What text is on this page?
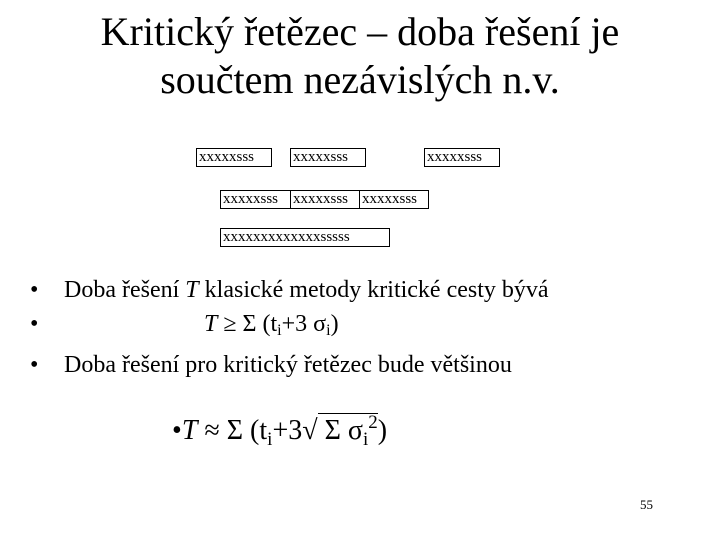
Kritický řetězec – doba řešení je
součtem nezávislých n.v.
xxxxxsss	xxxxxsss	xxxxxsss
xxxxxsss xxxxxsss xxxxxsss
xxxxxxxxxxxxxsssss
•	Doba řešení T klasické metody kritické cesty bývá
•	T ≥ Σ ($t_i+3$ $\sigma_i$)
•	Doba řešení pro kritický řetězec bude většinou
•T ≈ Σ ($t_i+3√$ Σ $\sigma_i^2$)
55
